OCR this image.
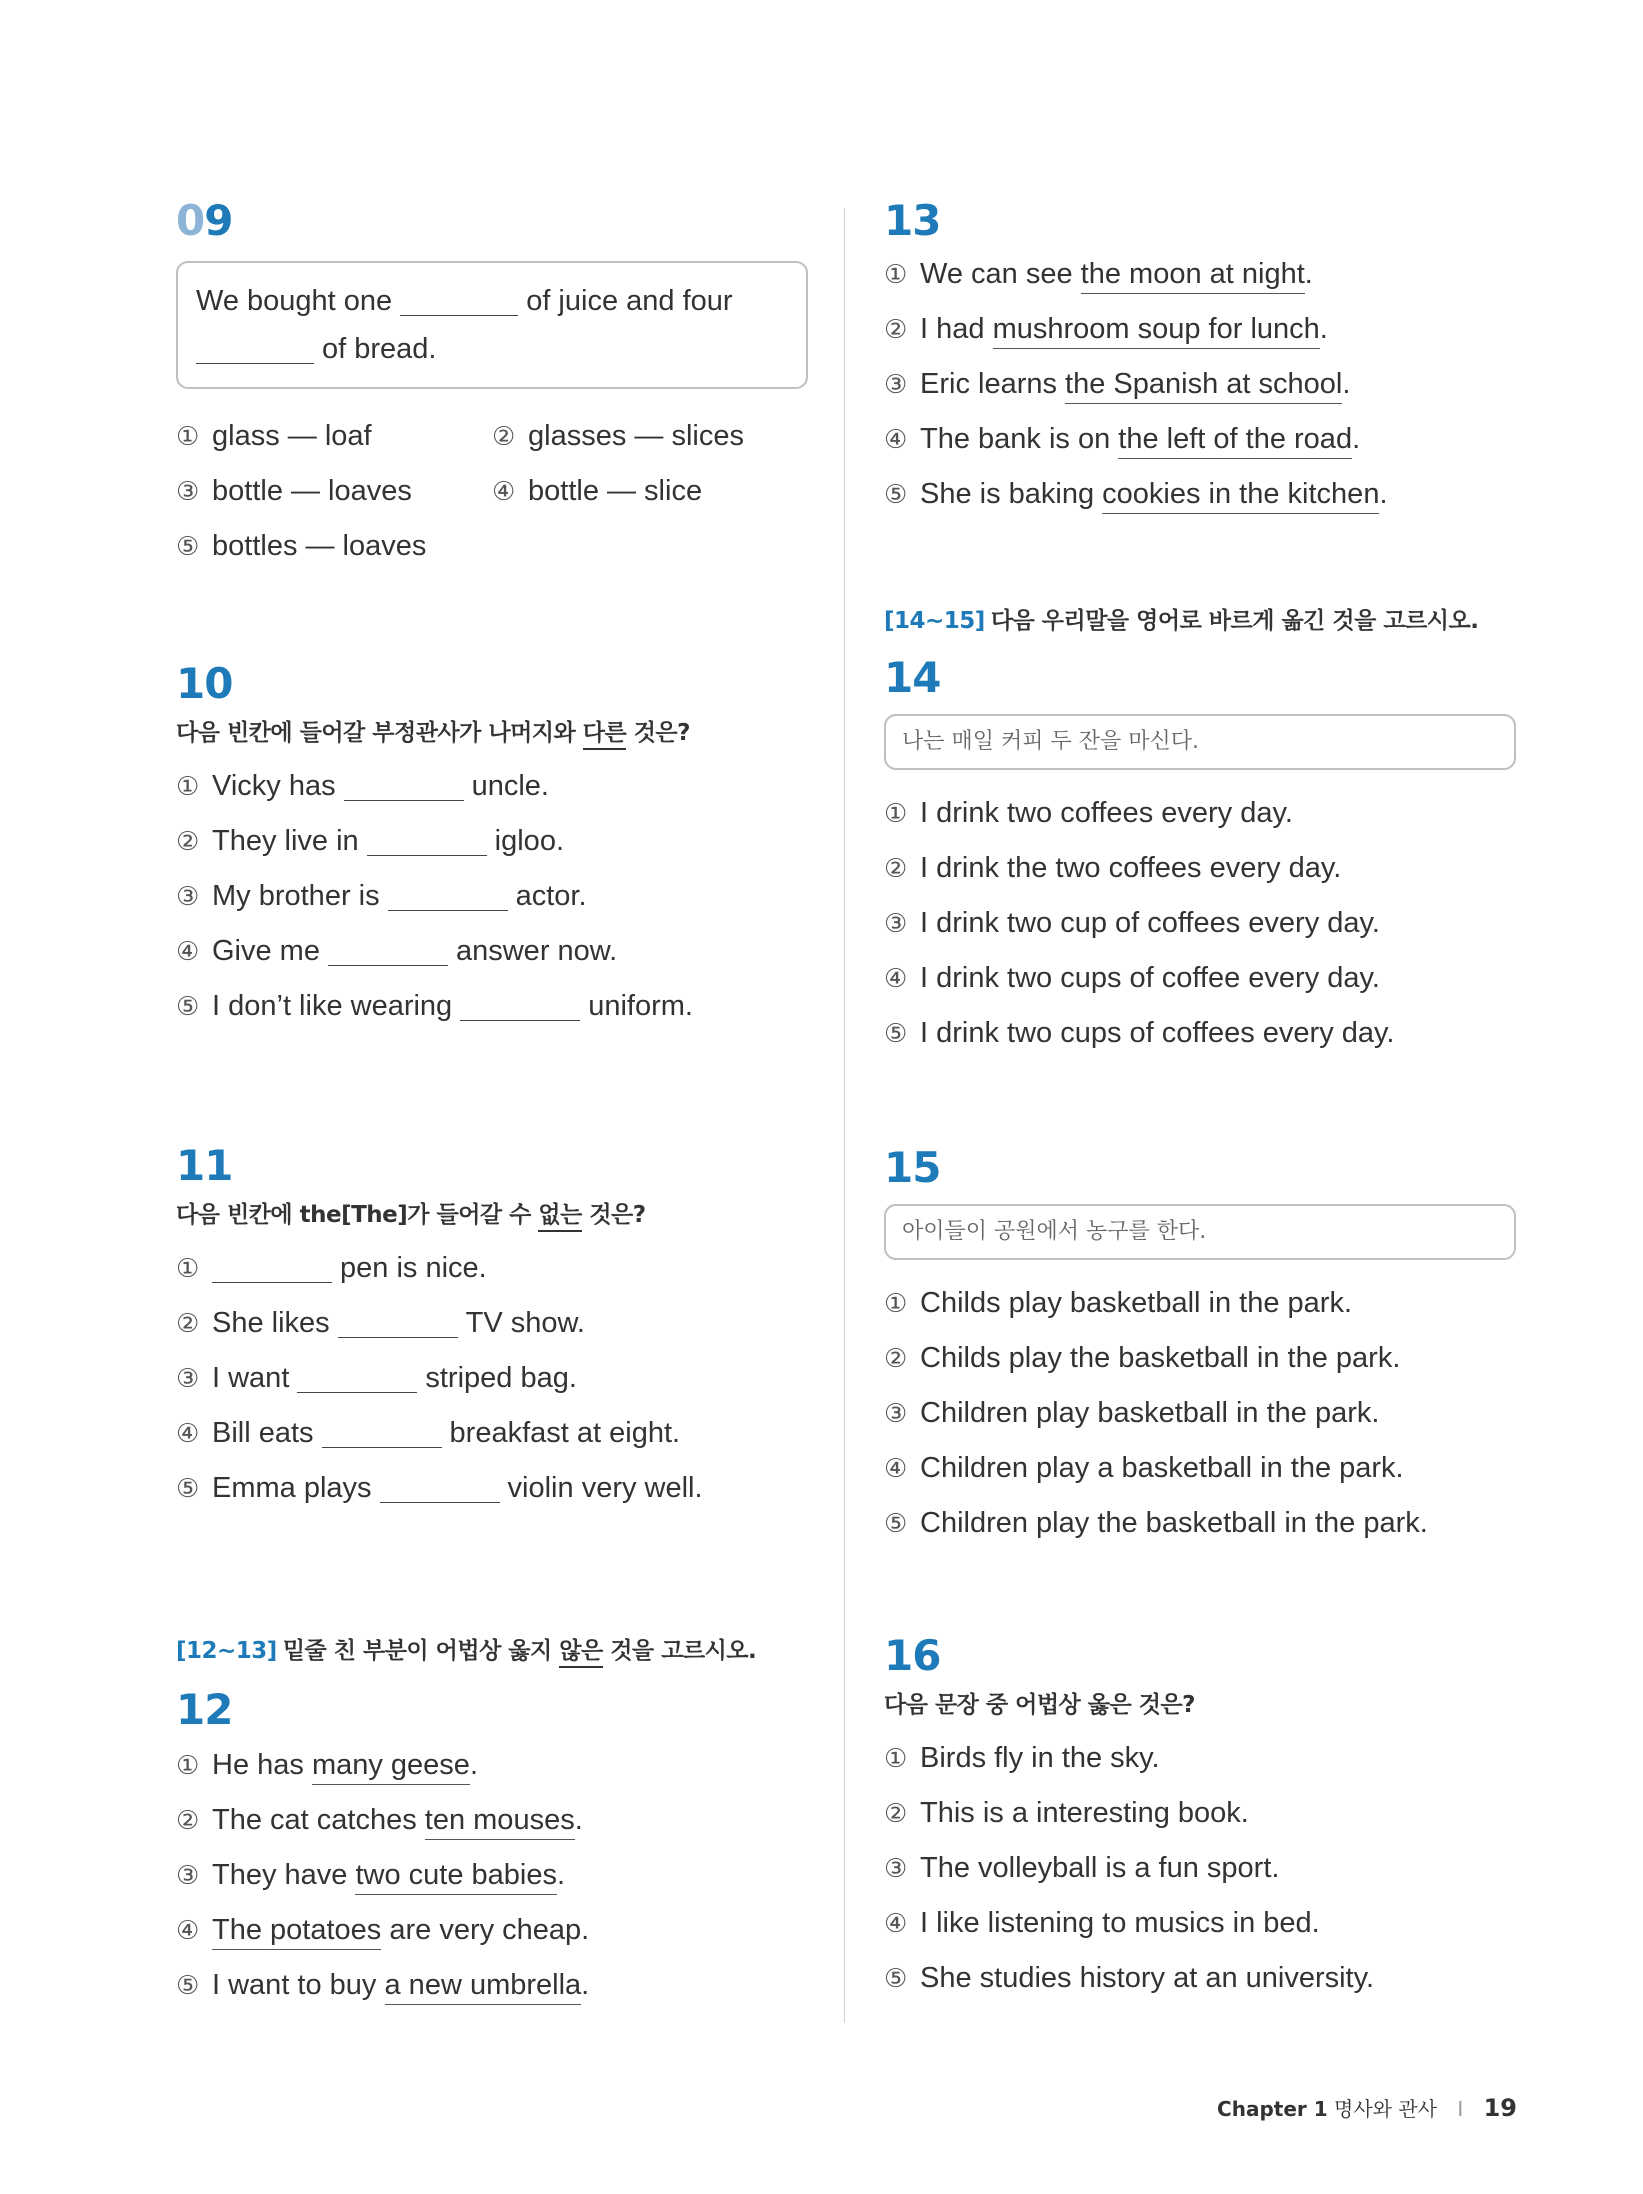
09
We bought one	of juice and four
of bread.
① glass — loaf	② glasses — slices
③ bottle — loaves	④ bottle — slice
⑤ bottles — loaves
10
다음 빈칸에 들어갈 부정관사가 나머지와 다른 것은?
① Vicky has	uncle.
② They live in	igloo.
③ My brother is	actor.
④ Give me	answer now.
⑤ I don’t like wearing	uniform.
11
다음 빈칸에 the[The]가 들어갈 수 없는 것은?
①	pen is nice.
② She likes	TV show.
③ I want	striped bag.
④ Bill eats	breakfast at eight.
⑤ Emma plays	violin very well.
[12~13] 밑줄 친 부분이 어법상 옳지 않은 것을 고르시오.
12
① He has many geese.
② The cat catches ten mouses.
③ They have two cute babies.
④ The potatoes are very cheap.
⑤ I want to buy a new umbrella.
13
① We can see the moon at night.
② I had mushroom soup for lunch.
③ Eric learns the Spanish at school.
④ The bank is on the left of the road.
⑤ She is baking cookies in the kitchen.
[14~15] 다음 우리말을 영어로 바르게 옮긴 것을 고르시오.
14
나는 매일 커피 두 잔을 마신다.
① I drink two coffees every day.
② I drink the two coffees every day.
③ I drink two cup of coffees every day.
④ I drink two cups of coffee every day.
⑤ I drink two cups of coffees every day.
15
아이들이 공원에서 농구를 한다.
① Childs play basketball in the park.
② Childs play the basketball in the park.
③ Children play basketball in the park.
④ Children play a basketball in the park.
⑤ Children play the basketball in the park.
16
다음 문장 중 어법상 옳은 것은?
① Birds fly in the sky.
② This is a interesting book.
③ The volleyball is a fun sport.
④ I like listening to musics in bed.
⑤ She studies history at an university.
Chapter 1 명사와 관사 I 19
